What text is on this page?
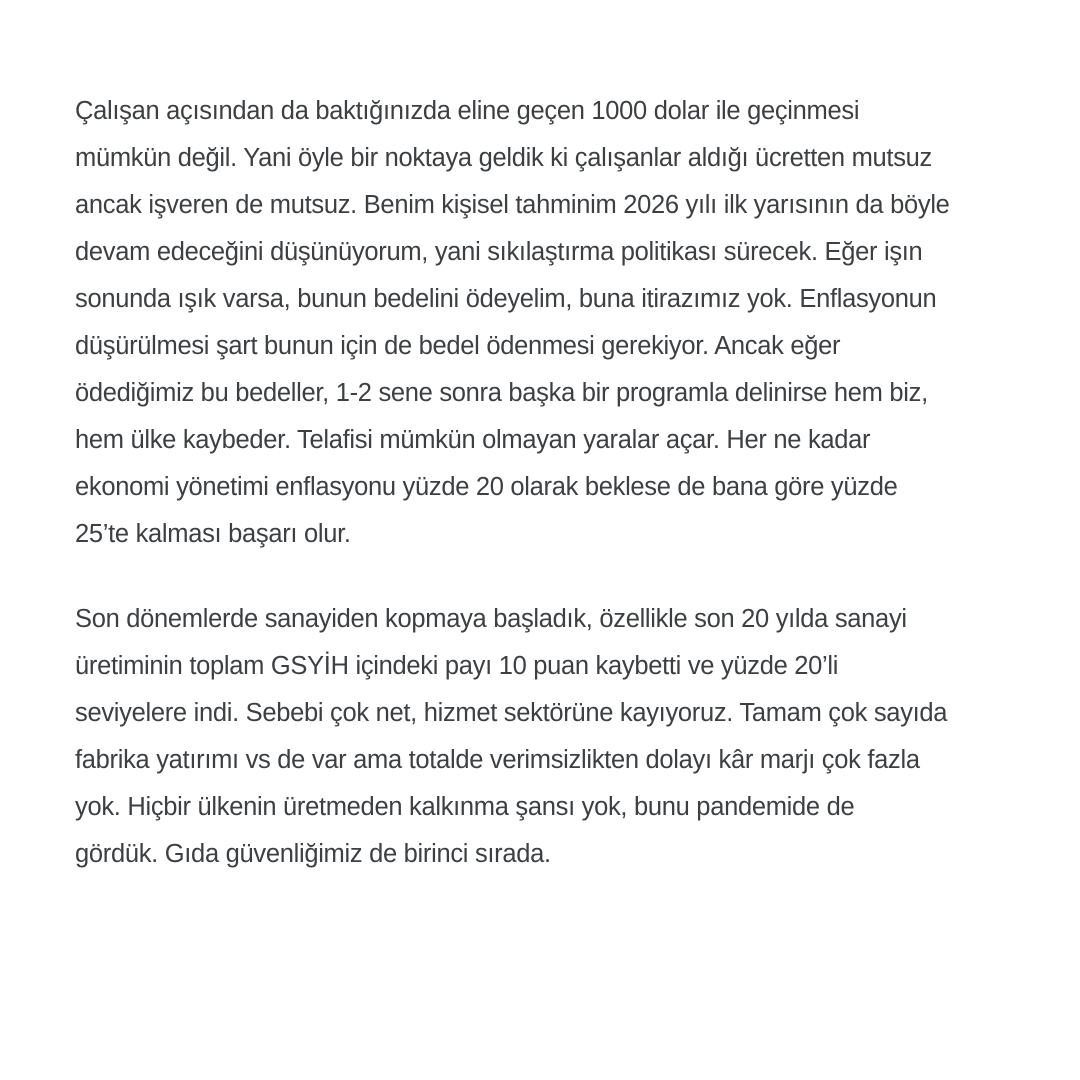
Çalışan açısından da baktığınızda eline geçen 1000 dolar ile geçinmesi
mümkün değil. Yani öyle bir noktaya geldik ki çalışanlar aldığı ücretten mutsuz
ancak işveren de mutsuz. Benim kişisel tahminim 2026 yılı ilk yarısının da böyle
devam edeceğini düşünüyorum, yani sıkılaştırma politikası sürecek. Eğer işın
sonunda ışık varsa, bunun bedelini ödeyelim, buna itirazımız yok. Enflasyonun
düşürülmesi şart bunun için de bedel ödenmesi gerekiyor. Ancak eğer
ödediğimiz bu bedeller, 1-2 sene sonra başka bir programla delinirse hem biz,
hem ülke kaybeder. Telafisi mümkün olmayan yaralar açar. Her ne kadar
ekonomi yönetimi enflasyonu yüzde 20 olarak beklese de bana göre yüzde
25’te kalması başarı olur.

Son dönemlerde sanayiden kopmaya başladık, özellikle son 20 yılda sanayi
üretiminin toplam GSYİH içindeki payı 10 puan kaybetti ve yüzde 20’li
seviyelere indi. Sebebi çok net, hizmet sektörüne kayıyoruz. Tamam çok sayıda
fabrika yatırımı vs de var ama totalde verimsizlikten dolayı kâr marjı çok fazla
yok. Hiçbir ülkenin üretmeden kalkınma şansı yok, bunu pandemide de
gördük. Gıda güvenliğimiz de birinci sırada.
